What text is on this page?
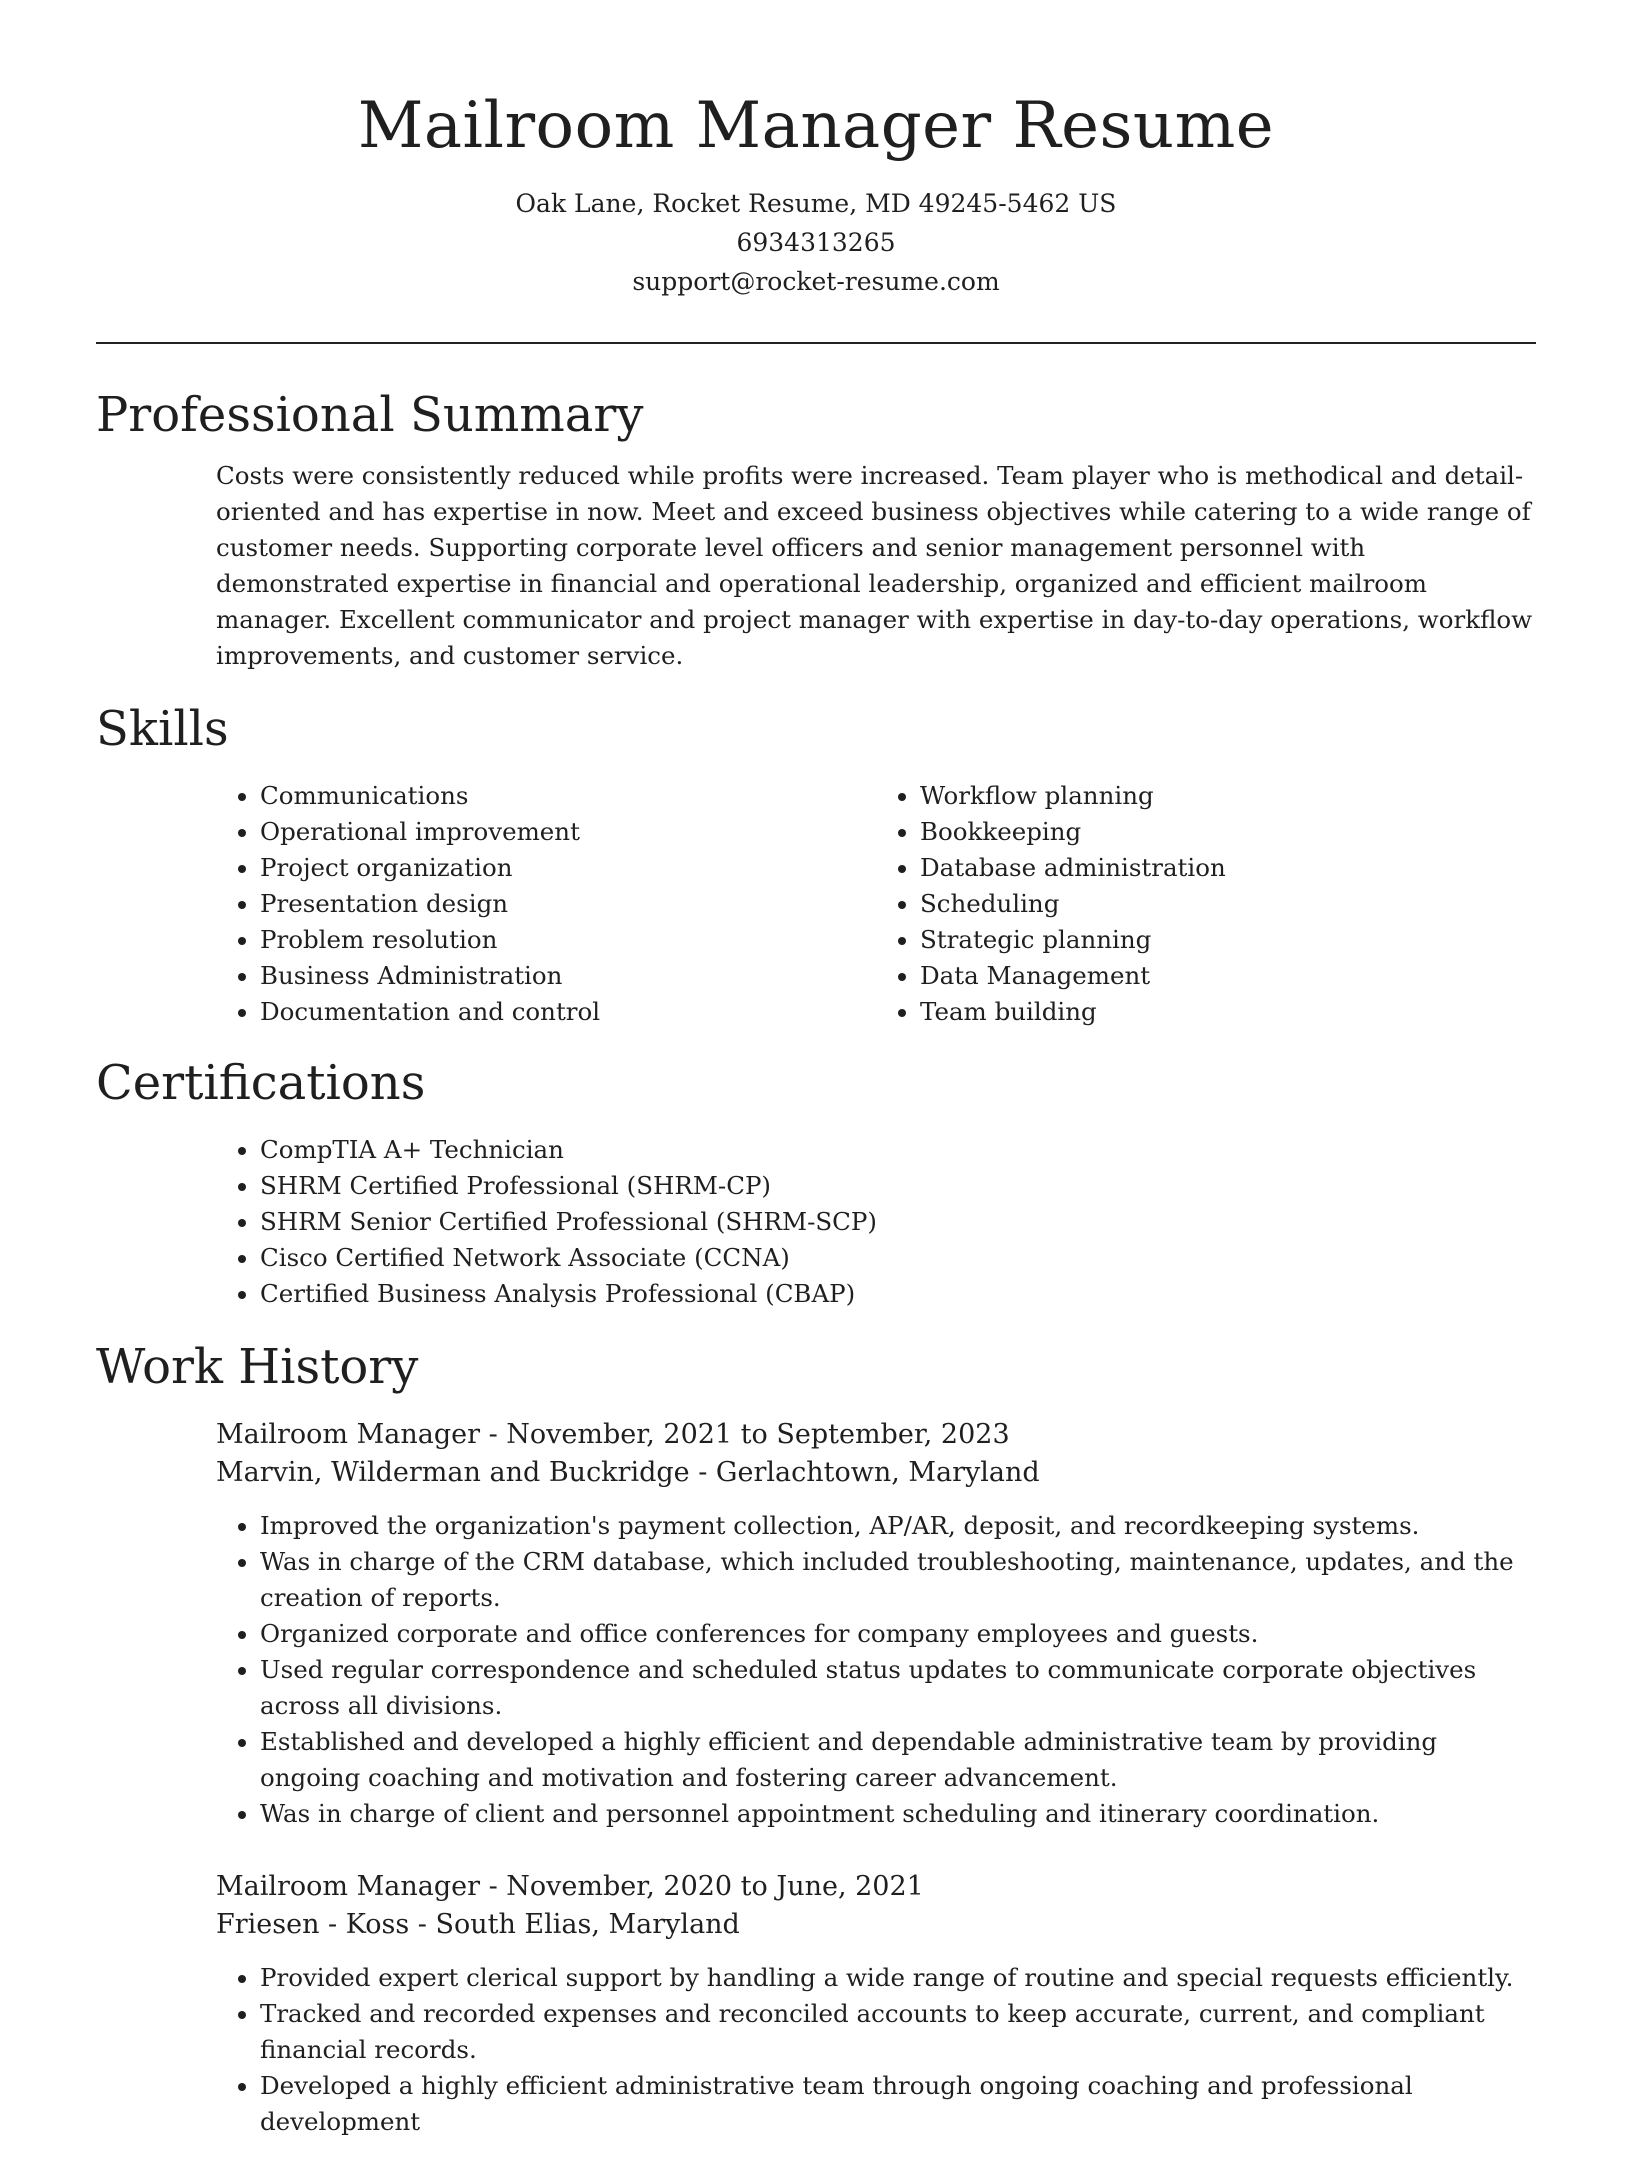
Mailroom Manager Resume
Oak Lane, Rocket Resume, MD 49245-5462 US
6934313265
support@rocket-resume.com
Professional Summary

Costs were consistently reduced while profits were increased. Team player who is methodical and detail-oriented and has expertise in now. Meet and exceed business objectives while catering to a wide range of customer needs. Supporting corporate level officers and senior management personnel with demonstrated expertise in financial and operational leadership, organized and efficient mailroom manager. Excellent communicator and project manager with expertise in day-to-day operations, workflow improvements, and customer service.

Skills
• Communications
• Operational improvement
• Project organization
• Presentation design
• Problem resolution
• Business Administration
• Documentation and control
• Workflow planning
• Bookkeeping
• Database administration
• Scheduling
• Strategic planning
• Data Management
• Team building
Certifications
• CompTIA A+ Technician
• SHRM Certified Professional (SHRM-CP)
• SHRM Senior Certified Professional (SHRM-SCP)
• Cisco Certified Network Associate (CCNA)
• Certified Business Analysis Professional (CBAP)
Work History
Mailroom Manager - November, 2021 to September, 2023
Marvin, Wilderman and Buckridge - Gerlachtown, Maryland
• Improved the organization's payment collection, AP/AR, deposit, and recordkeeping systems.
• Was in charge of the CRM database, which included troubleshooting, maintenance, updates, and the creation of reports.
• Organized corporate and office conferences for company employees and guests.
• Used regular correspondence and scheduled status updates to communicate corporate objectives across all divisions.
• Established and developed a highly efficient and dependable administrative team by providing ongoing coaching and motivation and fostering career advancement.
• Was in charge of client and personnel appointment scheduling and itinerary coordination.
Mailroom Manager - November, 2020 to June, 2021
Friesen - Koss - South Elias, Maryland
• Provided expert clerical support by handling a wide range of routine and special requests efficiently.
• Tracked and recorded expenses and reconciled accounts to keep accurate, current, and compliant financial records.
• Developed a highly efficient administrative team through ongoing coaching and professional development
